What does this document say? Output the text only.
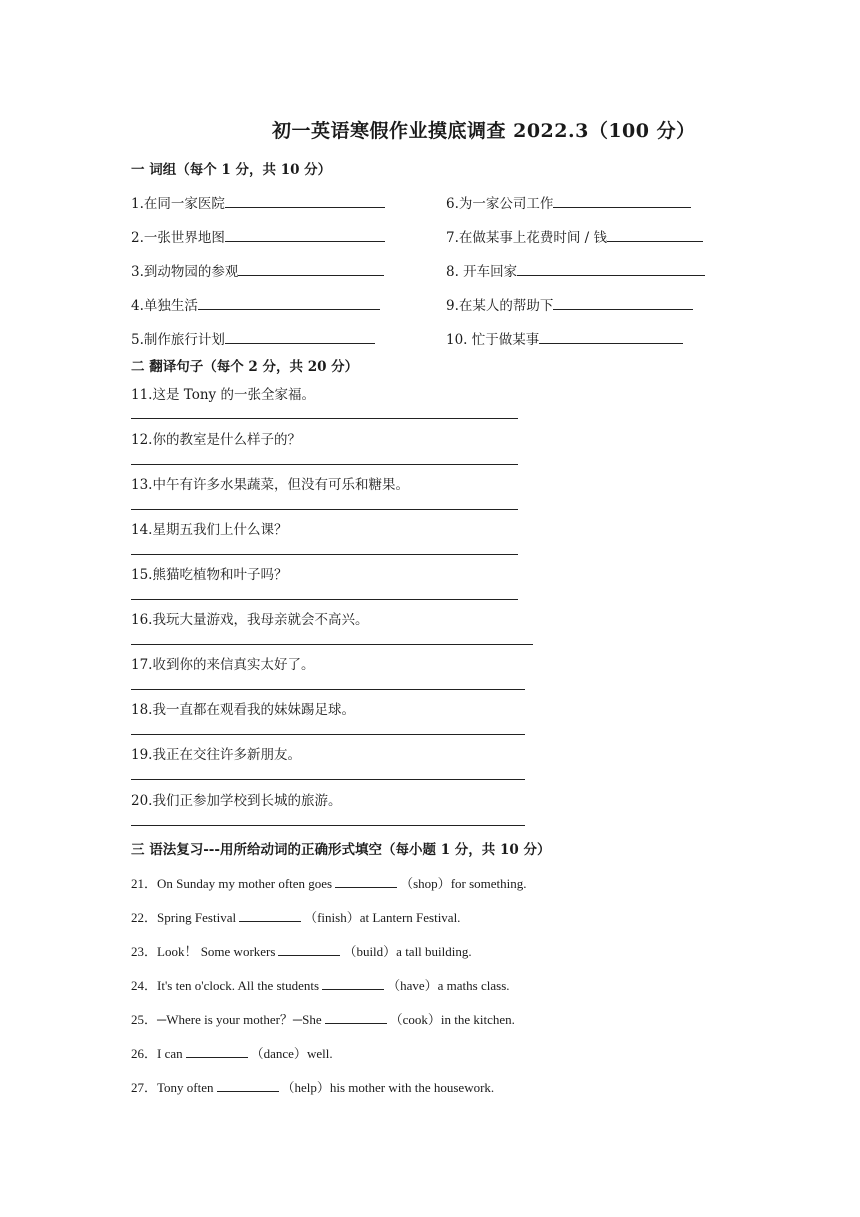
初一英语寒假作业摸底调查 2022.3（100 分）
一 词组（每个 1 分，共 10 分）
1.在同一家医院
2.一张世界地图
3.到动物园的参观
4.单独生活
5.制作旅行计划
6.为一家公司工作
7.在做某事上花费时间 / 钱
8. 开车回家
9.在某人的帮助下
10. 忙于做某事
二 翻译句子（每个 2 分，共 20 分）
11.这是 Tony 的一张全家福。
12.你的教室是什么样子的？
13.中午有许多水果蔬菜，但没有可乐和糖果。
14.星期五我们上什么课？
15.熊猫吃植物和叶子吗？
16.我玩大量游戏，我母亲就会不高兴。
17.收到你的来信真实太好了。
18.我一直都在观看我的妹妹踢足球。
19.我正在交往许多新朋友。
20.我们正参加学校到长城的旅游。
三 语法复习---用所给动词的正确形式填空（每小题 1 分，共 10 分）
21．On Sunday my mother often goes	（shop）for something.
22．Spring Festival	（finish）at Lantern Festival.
23．Look！ Some workers	（build）a tall building.
24．It's ten o'clock. All the students	（have）a maths class.
25．─Where is your mother？─She	（cook）in the kitchen.
26．I can	（dance）well.
27．Tony often	（help）his mother with the housework.
